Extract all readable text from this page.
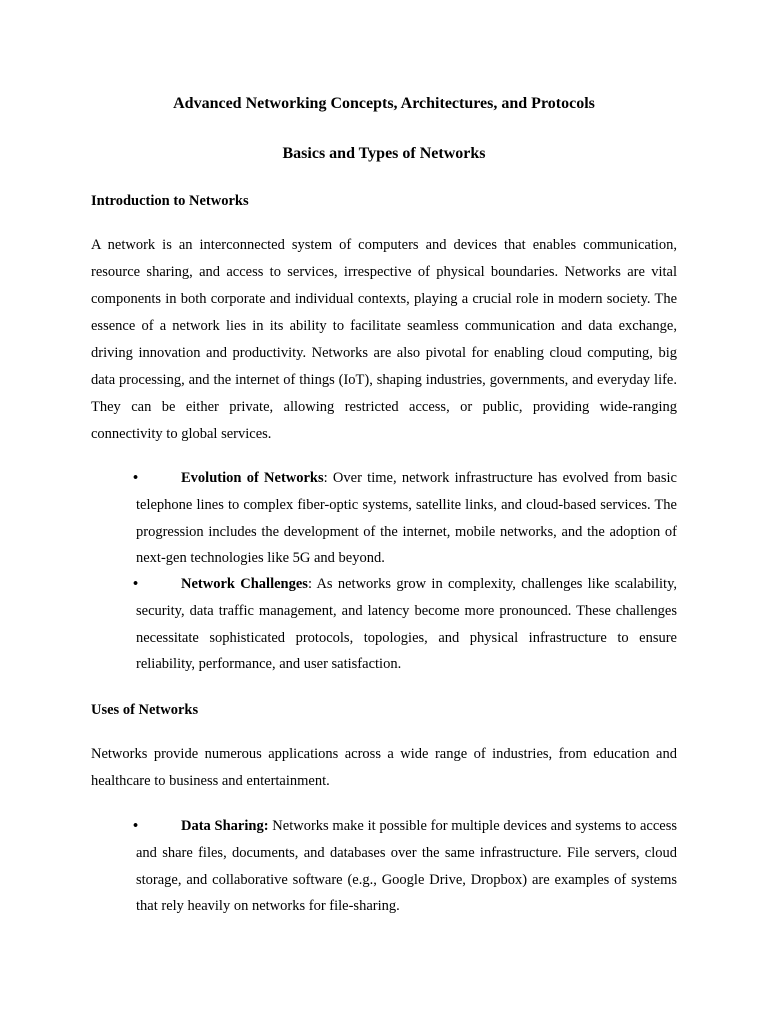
Advanced Networking Concepts, Architectures, and Protocols
Basics and Types of Networks
Introduction to Networks

A network is an interconnected system of computers and devices that enables communication, resource sharing, and access to services, irrespective of physical boundaries. Networks are vital components in both corporate and individual contexts, playing a crucial role in modern society. The essence of a network lies in its ability to facilitate seamless communication and data exchange, driving innovation and productivity. Networks are also pivotal for enabling cloud computing, big data processing, and the internet of things (IoT), shaping industries, governments, and everyday life. They can be either private, allowing restricted access, or public, providing wide-ranging connectivity to global services.

•	Evolution of Networks: Over time, network infrastructure has evolved from basic telephone lines to complex fiber-optic systems, satellite links, and cloud-based services. The progression includes the development of the internet, mobile networks, and the adoption of next-gen technologies like 5G and beyond.
•	Network Challenges: As networks grow in complexity, challenges like scalability, security, data traffic management, and latency become more pronounced. These challenges necessitate sophisticated protocols, topologies, and physical infrastructure to ensure reliability, performance, and user satisfaction.
Uses of Networks

Networks provide numerous applications across a wide range of industries, from education and healthcare to business and entertainment.

•	Data Sharing: Networks make it possible for multiple devices and systems to access and share files, documents, and databases over the same infrastructure. File servers, cloud storage, and collaborative software (e.g., Google Drive, Dropbox) are examples of systems that rely heavily on networks for file-sharing.
